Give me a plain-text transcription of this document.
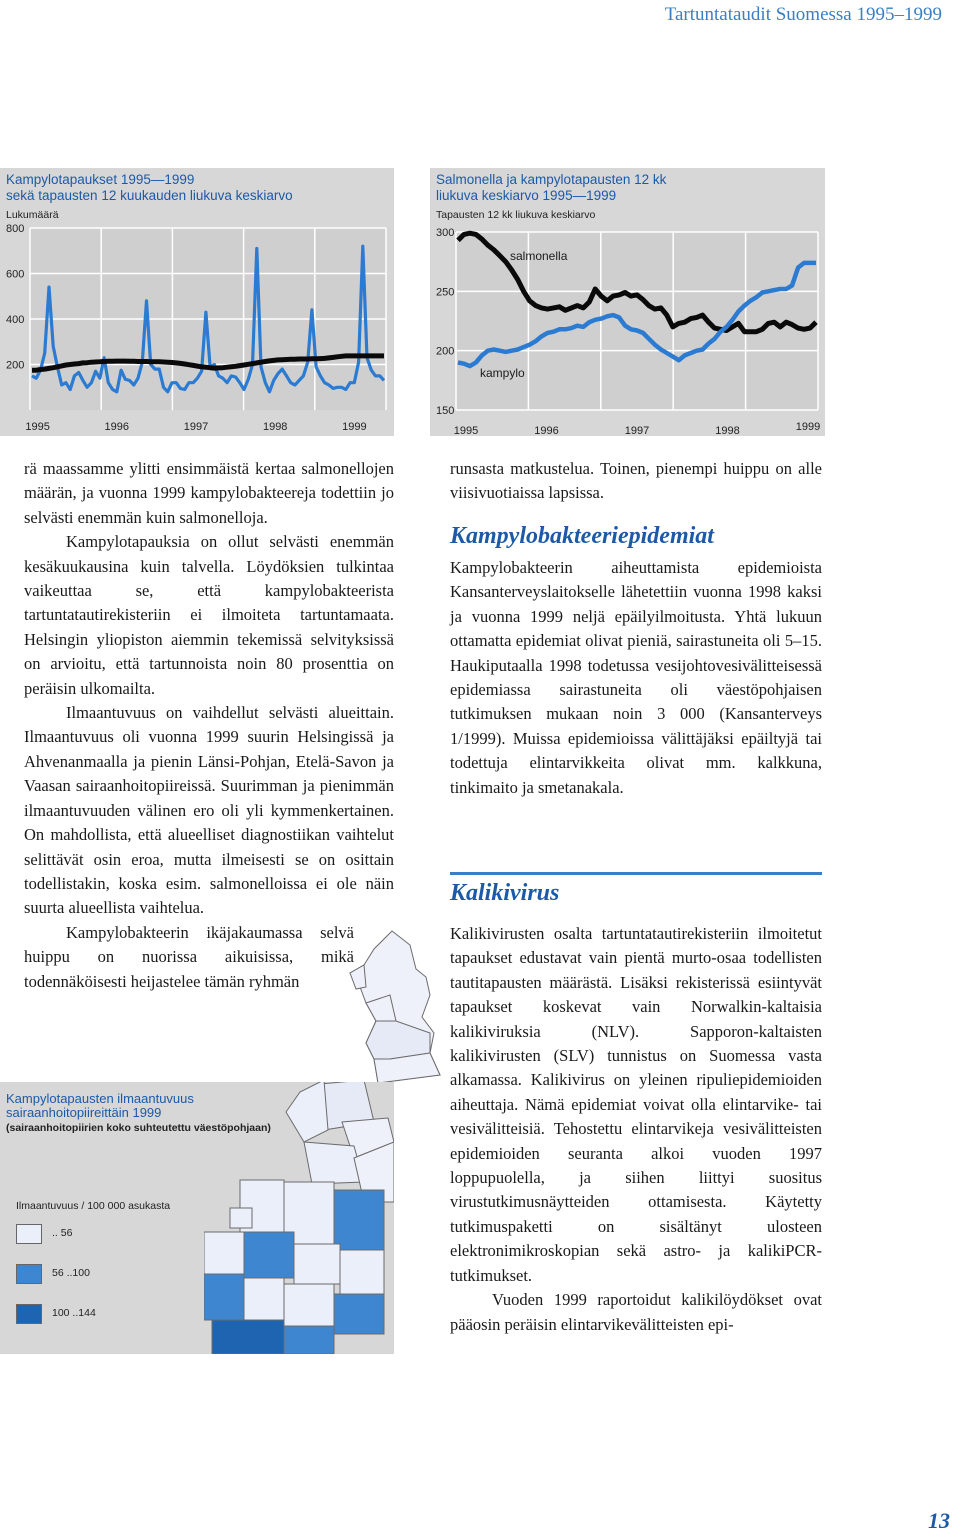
Tartuntataudit Suomessa 1995–1999
Kampylotapaukset 1995—1999
sekä tapausten 12 kuukauden liukuva keskiarvo
Lukumäärä
800
600
400
200
1995	1996	1997	1998	1999
Salmonella ja kampylotapausten 12 kk
liukuva keskiarvo 1995—1999
Tapausten 12 kk liukuva keskiarvo
300
250
200
150
1995	1996	1997	1998	1999
salmonella
kampylo

rä maassamme ylitti ensimmäistä kertaa salmonellojen määrän, ja vuonna 1999 kampylobakteereja todettiin jo selvästi enemmän kuin salmonelloja.

Kampylotapauksia on ollut selvästi enemmän kesäkuukausina kuin talvella. Löydöksien tulkintaa vaikeuttaa se, että kampylobakteerista tartuntatautirekisteriin ei ilmoiteta tartuntamaata. Helsingin yliopiston aiemmin tekemissä selvityksissä on arvioitu, että tartunnoista noin 80 prosenttia on peräisin ulkomailta.

Ilmaantuvuus on vaihdellut selvästi alueittain. Ilmaantuvuus oli vuonna 1999 suurin Helsingissä ja Ahvenanmaalla ja pienin Länsi-Pohjan, Etelä-Savon ja Vaasan sairaanhoitopiireissä. Suurimman ja pienimmän ilmaantuvuuden välinen ero oli yli kymmenkertainen. On mahdollista, että alueelliset diagnostiikan vaihtelut selittävät osin eroa, mutta ilmeisesti se on osittain todellistakin, koska esim. salmonelloissa ei ole näin suurta alueellista vaihtelua.

Kampylobakteerin ikäjakaumassa selvä huippu on nuorissa aikuisissa, mikä todennäköisesti heijastelee tämän ryhmän

runsasta matkustelua. Toinen, pienempi huippu on alle viisivuotiaissa lapsissa.

Kampylobakteeriepidemiat

Kampylobakteerin aiheuttamista epidemioista Kansanterveyslaitokselle lähetettiin vuonna 1998 kaksi ja vuonna 1999 neljä epäilyilmoitusta. Yhtä lukuun ottamatta epidemiat olivat pieniä, sairastuneita oli 5–15. Haukiputaalla 1998 todetussa vesijohtovesivälitteisessä epidemiassa sairastuneita oli väestöpohjaisen tutkimuksen mukaan noin 3 000 (Kansanterveys 1/1999). Muissa epidemioissa välittäjäksi epäiltyjä tai todettuja elintarvikkeita olivat mm. kalkkuna, tinkimaito ja smetanakala.

Kalikivirus

Kalikivirusten osalta tartuntatautirekisteriin ilmoitetut tapaukset edustavat vain pientä murto-osaa todellisten tautitapausten määrästä. Lisäksi rekisterissä esiintyvät tapaukset koskevat vain Norwalkin-kaltaisia kalikiviruksia (NLV). Sapporon-kaltaisten kalikivirusten (SLV) tunnistus on Suomessa vasta alkamassa. Kalikivirus on yleinen ripuliepidemioiden aiheuttaja. Nämä epidemiat voivat olla elintarvike- tai vesivälitteisiä. Tehostettu elintarvikeja vesivälitteisten epidemioiden seuranta alkoi vuoden 1997 loppupuolella, ja siihen liittyi suositus virustutkimusnäytteiden ottamisesta. Käytetty tutkimuspaketti on sisältänyt ulosteen elektronimikroskopian sekä astro- ja kalikiPCR-tutkimukset.

Vuoden 1999 raportoidut kalikilöydökset ovat pääosin peräisin elintarvikevälitteisten epi-

Kampylotapausten ilmaantuvuus
sairaanhoitopiireittäin 1999
(sairaanhoitopiirien koko suhteutettu väestöpohjaan)
Ilmaantuvuus / 100 000 asukasta
.. 56
56 ..100
100 ..144
13
